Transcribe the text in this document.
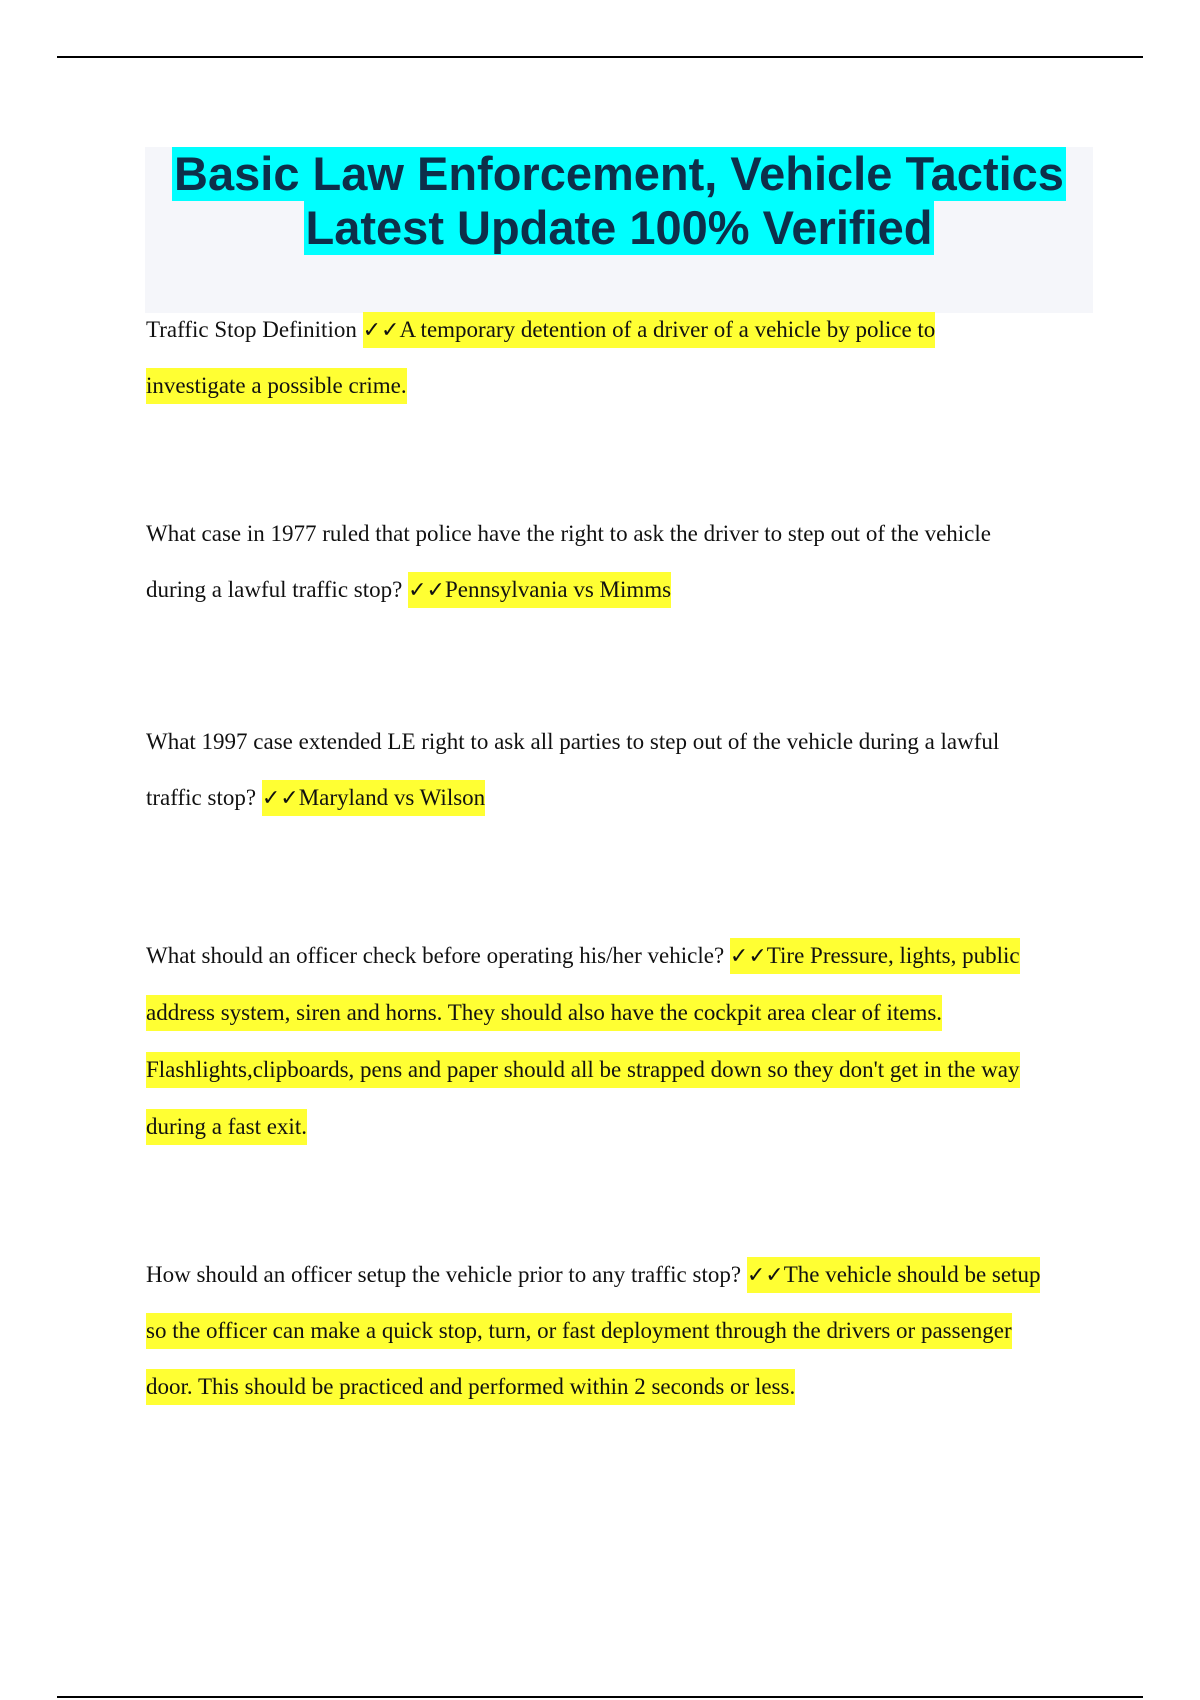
Basic Law Enforcement, Vehicle Tactics
Latest Update 100% Verified
Traffic Stop Definition ✓✓A temporary detention of a driver of a vehicle by police to
investigate a possible crime.
What case in 1977 ruled that police have the right to ask the driver to step out of the vehicle
during a lawful traffic stop? ✓✓Pennsylvania vs Mimms
What 1997 case extended LE right to ask all parties to step out of the vehicle during a lawful
traffic stop? ✓✓Maryland vs Wilson
What should an officer check before operating his/her vehicle? ✓✓Tire Pressure, lights, public
address system, siren and horns. They should also have the cockpit area clear of items.
Flashlights,clipboards, pens and paper should all be strapped down so they don't get in the way
during a fast exit.
How should an officer setup the vehicle prior to any traffic stop? ✓✓The vehicle should be setup
so the officer can make a quick stop, turn, or fast deployment through the drivers or passenger
door. This should be practiced and performed within 2 seconds or less.
